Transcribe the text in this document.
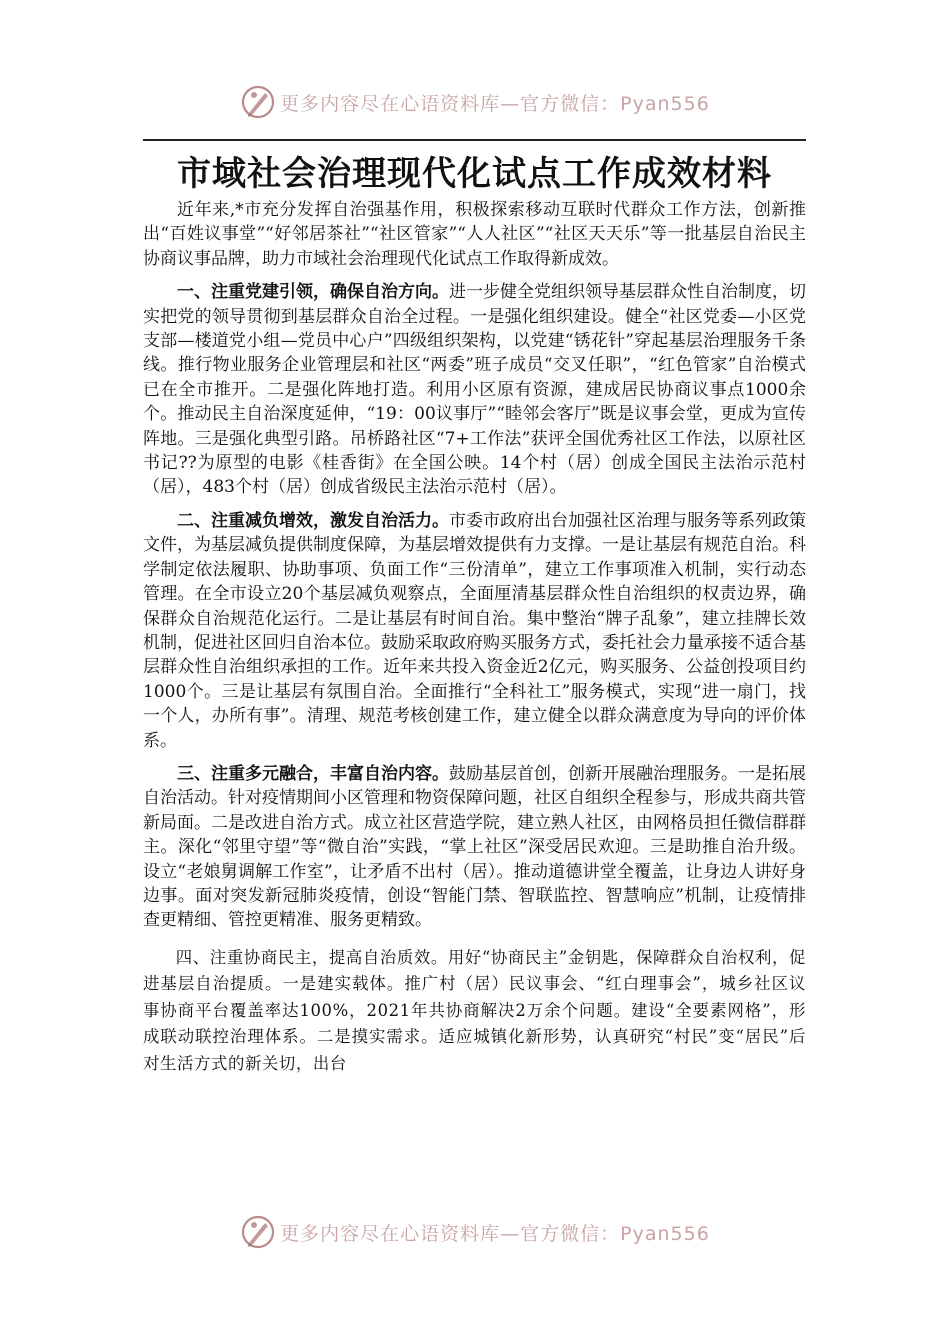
更多内容尽在心语资料库—官方微信：Pyan556
市域社会治理现代化试点工作成效材料

近年来,*市充分发挥自治强基作用，积极探索移动互联时代群众工作方法，创新推出“百姓议事堂”“好邻居茶社”“社区管家”“人人社区”“社区天天乐”等一批基层自治民主协商议事品牌，助力市域社会治理现代化试点工作取得新成效。

一、注重党建引领，确保自治方向。进一步健全党组织领导基层群众性自治制度，切实把党的领导贯彻到基层群众自治全过程。一是强化组织建设。健全“社区党委—小区党支部—楼道党小组—党员中心户”四级组织架构，以党建“锈花针”穿起基层治理服务千条线。推行物业服务企业管理层和社区“两委”班子成员“交叉任职”，“红色管家”自治模式已在全市推开。二是强化阵地打造。利用小区原有资源，建成居民协商议事点1000余个。推动民主自治深度延伸，“19：00议事厅”“睦邻会客厅”既是议事会堂，更成为宣传阵地。三是强化典型引路。吊桥路社区“7+工作法”获评全国优秀社区工作法，以原社区书记??为原型的电影《桂香街》在全国公映。14个村（居）创成全国民主法治示范村（居），483个村（居）创成省级民主法治示范村（居）。

二、注重减负增效，激发自治活力。市委市政府出台加强社区治理与服务等系列政策文件，为基层减负提供制度保障，为基层增效提供有力支撑。一是让基层有规范自治。科学制定依法履职、协助事项、负面工作“三份清单”，建立工作事项准入机制，实行动态管理。在全市设立20个基层减负观察点，全面厘清基层群众性自治组织的权责边界，确保群众自治规范化运行。二是让基层有时间自治。集中整治“牌子乱象”，建立挂牌长效机制，促进社区回归自治本位。鼓励采取政府购买服务方式，委托社会力量承接不适合基层群众性自治组织承担的工作。近年来共投入资金近2亿元，购买服务、公益创投项目约1000个。三是让基层有氛围自治。全面推行“全科社工”服务模式，实现“进一扇门，找一个人，办所有事”。清理、规范考核创建工作，建立健全以群众满意度为导向的评价体系。

三、注重多元融合，丰富自治内容。鼓励基层首创，创新开展融治理服务。一是拓展自治活动。针对疫情期间小区管理和物资保障问题，社区自组织全程参与，形成共商共管新局面。二是改进自治方式。成立社区营造学院，建立熟人社区，由网格员担任微信群群主。深化“邻里守望”等“微自治”实践，“掌上社区”深受居民欢迎。三是助推自治升级。设立“老娘舅调解工作室”，让矛盾不出村（居）。推动道德讲堂全覆盖，让身边人讲好身边事。面对突发新冠肺炎疫情，创设“智能门禁、智联监控、智慧响应”机制，让疫情排查更精细、管控更精准、服务更精致。

四、注重协商民主，提高自治质效。用好“协商民主”金钥匙，保障群众自治权利，促进基层自治提质。一是建实载体。推广村（居）民议事会、“红白理事会”，城乡社区议事协商平台覆盖率达100%，2021年共协商解决2万余个问题。建设“全要素网格”，形成联动联控治理体系。二是摸实需求。适应城镇化新形势，认真研究“村民”变“居民”后对生活方式的新关切，出台

更多内容尽在心语资料库—官方微信：Pyan556
